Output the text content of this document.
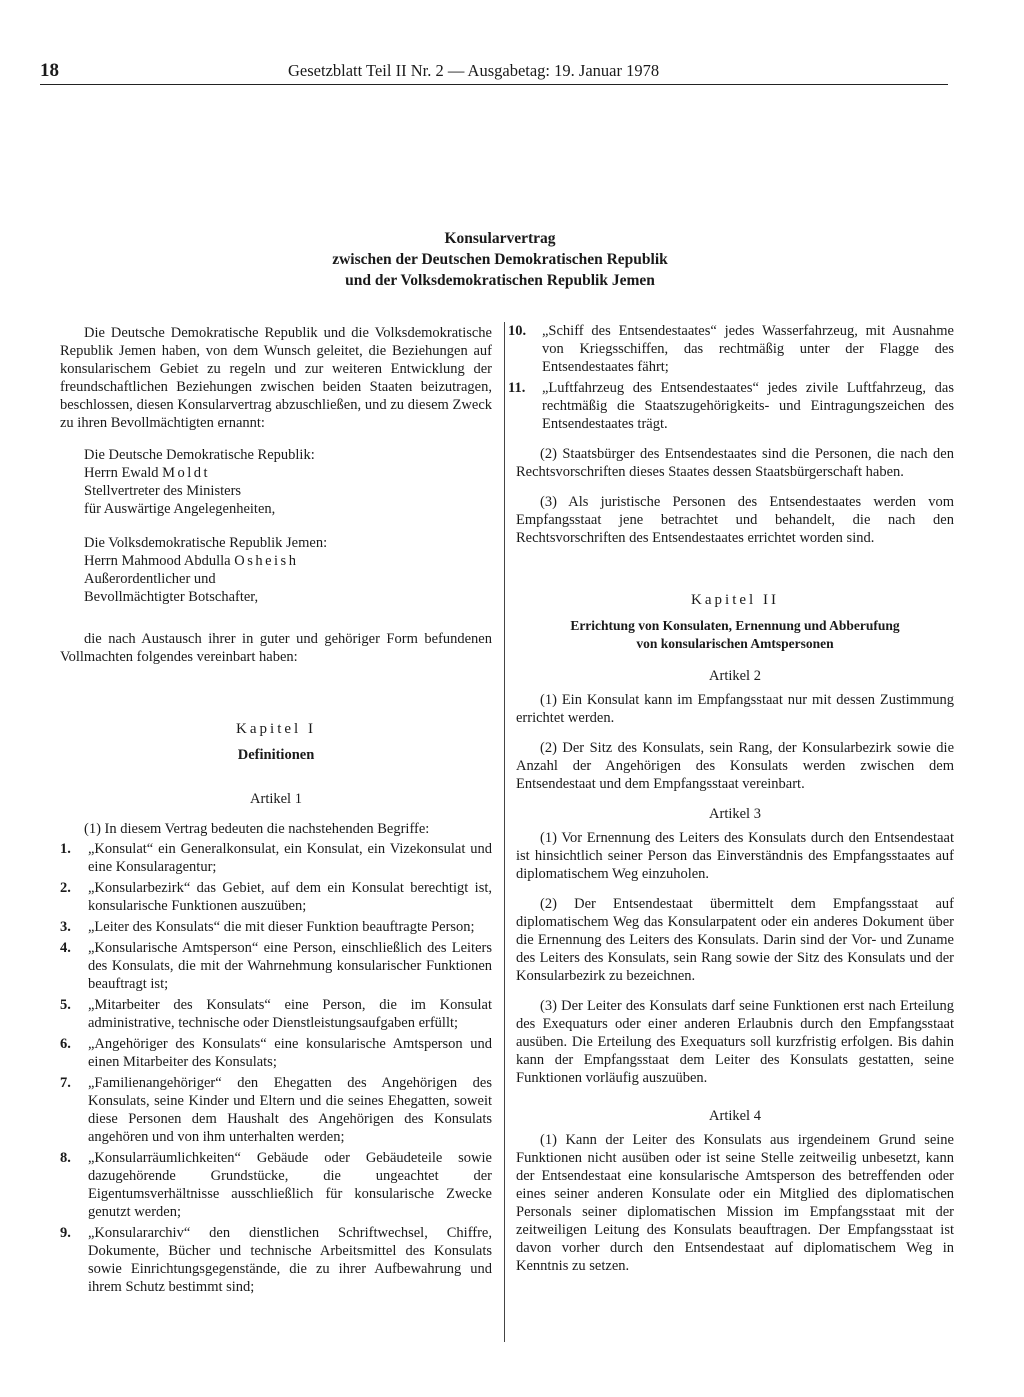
18	Gesetzblatt Teil II Nr. 2 — Ausgabetag: 19. Januar 1978
Konsularvertrag
zwischen der Deutschen Demokratischen Republik
und der Volksdemokratischen Republik Jemen

Die Deutsche Demokratische Republik und die Volksdemokratische Republik Jemen haben, von dem Wunsch geleitet, die Beziehungen auf konsularischem Gebiet zu regeln und zur weiteren Entwicklung der freundschaftlichen Beziehungen zwischen beiden Staaten beizutragen, beschlossen, diesen Konsularvertrag abzuschließen, und zu diesem Zweck zu ihren Bevollmächtigten ernannt:

Die Deutsche Demokratische Republik:
Herrn Ewald Moldt
Stellvertreter des Ministers
für Auswärtige Angelegenheiten,
Die Volksdemokratische Republik Jemen:
Herrn Mahmood Abdulla Osheish
Außerordentlicher und
Bevollmächtigter Botschafter,

die nach Austausch ihrer in guter und gehöriger Form befundenen Vollmachten folgendes vereinbart haben:

Kapitel I
Definitionen
Artikel 1

(1) In diesem Vertrag bedeuten die nachstehenden Begriffe:

1. „Konsulat“ ein Generalkonsulat, ein Konsulat, ein Vizekonsulat und eine Konsularagentur;
2. „Konsularbezirk“ das Gebiet, auf dem ein Konsulat berechtigt ist, konsularische Funktionen auszuüben;
3. „Leiter des Konsulats“ die mit dieser Funktion beauftragte Person;
4. „Konsularische Amtsperson“ eine Person, einschließlich des Leiters des Konsulats, die mit der Wahrnehmung konsularischer Funktionen beauftragt ist;
5. „Mitarbeiter des Konsulats“ eine Person, die im Konsulat administrative, technische oder Dienstleistungsaufgaben erfüllt;
6. „Angehöriger des Konsulats“ eine konsularische Amtsperson und einen Mitarbeiter des Konsulats;
7. „Familienangehöriger“ den Ehegatten des Angehörigen des Konsulats, seine Kinder und Eltern und die seines Ehegatten, soweit diese Personen dem Haushalt des Angehörigen des Konsulats angehören und von ihm unterhalten werden;
8. „Konsularräumlichkeiten“ Gebäude oder Gebäudeteile sowie dazugehörende Grundstücke, die ungeachtet der Eigentumsverhältnisse ausschließlich für konsularische Zwecke genutzt werden;
9. „Konsulararchiv“ den dienstlichen Schriftwechsel, Chiffre, Dokumente, Bücher und technische Arbeitsmittel des Konsulats sowie Einrichtungsgegenstände, die zu ihrer Aufbewahrung und ihrem Schutz bestimmt sind;
10. „Schiff des Entsendestaates“ jedes Wasserfahrzeug, mit Ausnahme von Kriegsschiffen, das rechtmäßig unter der Flagge des Entsendestaates fährt;
11. „Luftfahrzeug des Entsendestaates“ jedes zivile Luftfahrzeug, das rechtmäßig die Staatszugehörigkeits- und Eintragungszeichen des Entsendestaates trägt.

(2) Staatsbürger des Entsendestaates sind die Personen, die nach den Rechtsvorschriften dieses Staates dessen Staatsbürgerschaft haben.

(3) Als juristische Personen des Entsendestaates werden vom Empfangsstaat jene betrachtet und behandelt, die nach den Rechtsvorschriften des Entsendestaates errichtet worden sind.

Kapitel II
Errichtung von Konsulaten, Ernennung und Abberufung
von konsularischen Amtspersonen
Artikel 2

(1) Ein Konsulat kann im Empfangsstaat nur mit dessen Zustimmung errichtet werden.

(2) Der Sitz des Konsulats, sein Rang, der Konsularbezirk sowie die Anzahl der Angehörigen des Konsulats werden zwischen dem Entsendestaat und dem Empfangsstaat vereinbart.

Artikel 3

(1) Vor Ernennung des Leiters des Konsulats durch den Entsendestaat ist hinsichtlich seiner Person das Einverständnis des Empfangsstaates auf diplomatischem Weg einzuholen.

(2) Der Entsendestaat übermittelt dem Empfangsstaat auf diplomatischem Weg das Konsularpatent oder ein anderes Dokument über die Ernennung des Leiters des Konsulats. Darin sind der Vor- und Zuname des Leiters des Konsulats, sein Rang sowie der Sitz des Konsulats und der Konsularbezirk zu bezeichnen.

(3) Der Leiter des Konsulats darf seine Funktionen erst nach Erteilung des Exequaturs oder einer anderen Erlaubnis durch den Empfangsstaat ausüben. Die Erteilung des Exequaturs soll kurzfristig erfolgen. Bis dahin kann der Empfangsstaat dem Leiter des Konsulats gestatten, seine Funktionen vorläufig auszuüben.

Artikel 4

(1) Kann der Leiter des Konsulats aus irgendeinem Grund seine Funktionen nicht ausüben oder ist seine Stelle zeitweilig unbesetzt, kann der Entsendestaat eine konsularische Amtsperson des betreffenden oder eines seiner anderen Konsulate oder ein Mitglied des diplomatischen Personals seiner diplomatischen Mission im Empfangsstaat mit der zeitweiligen Leitung des Konsulats beauftragen. Der Empfangsstaat ist davon vorher durch den Entsendestaat auf diplomatischem Weg in Kenntnis zu setzen.
